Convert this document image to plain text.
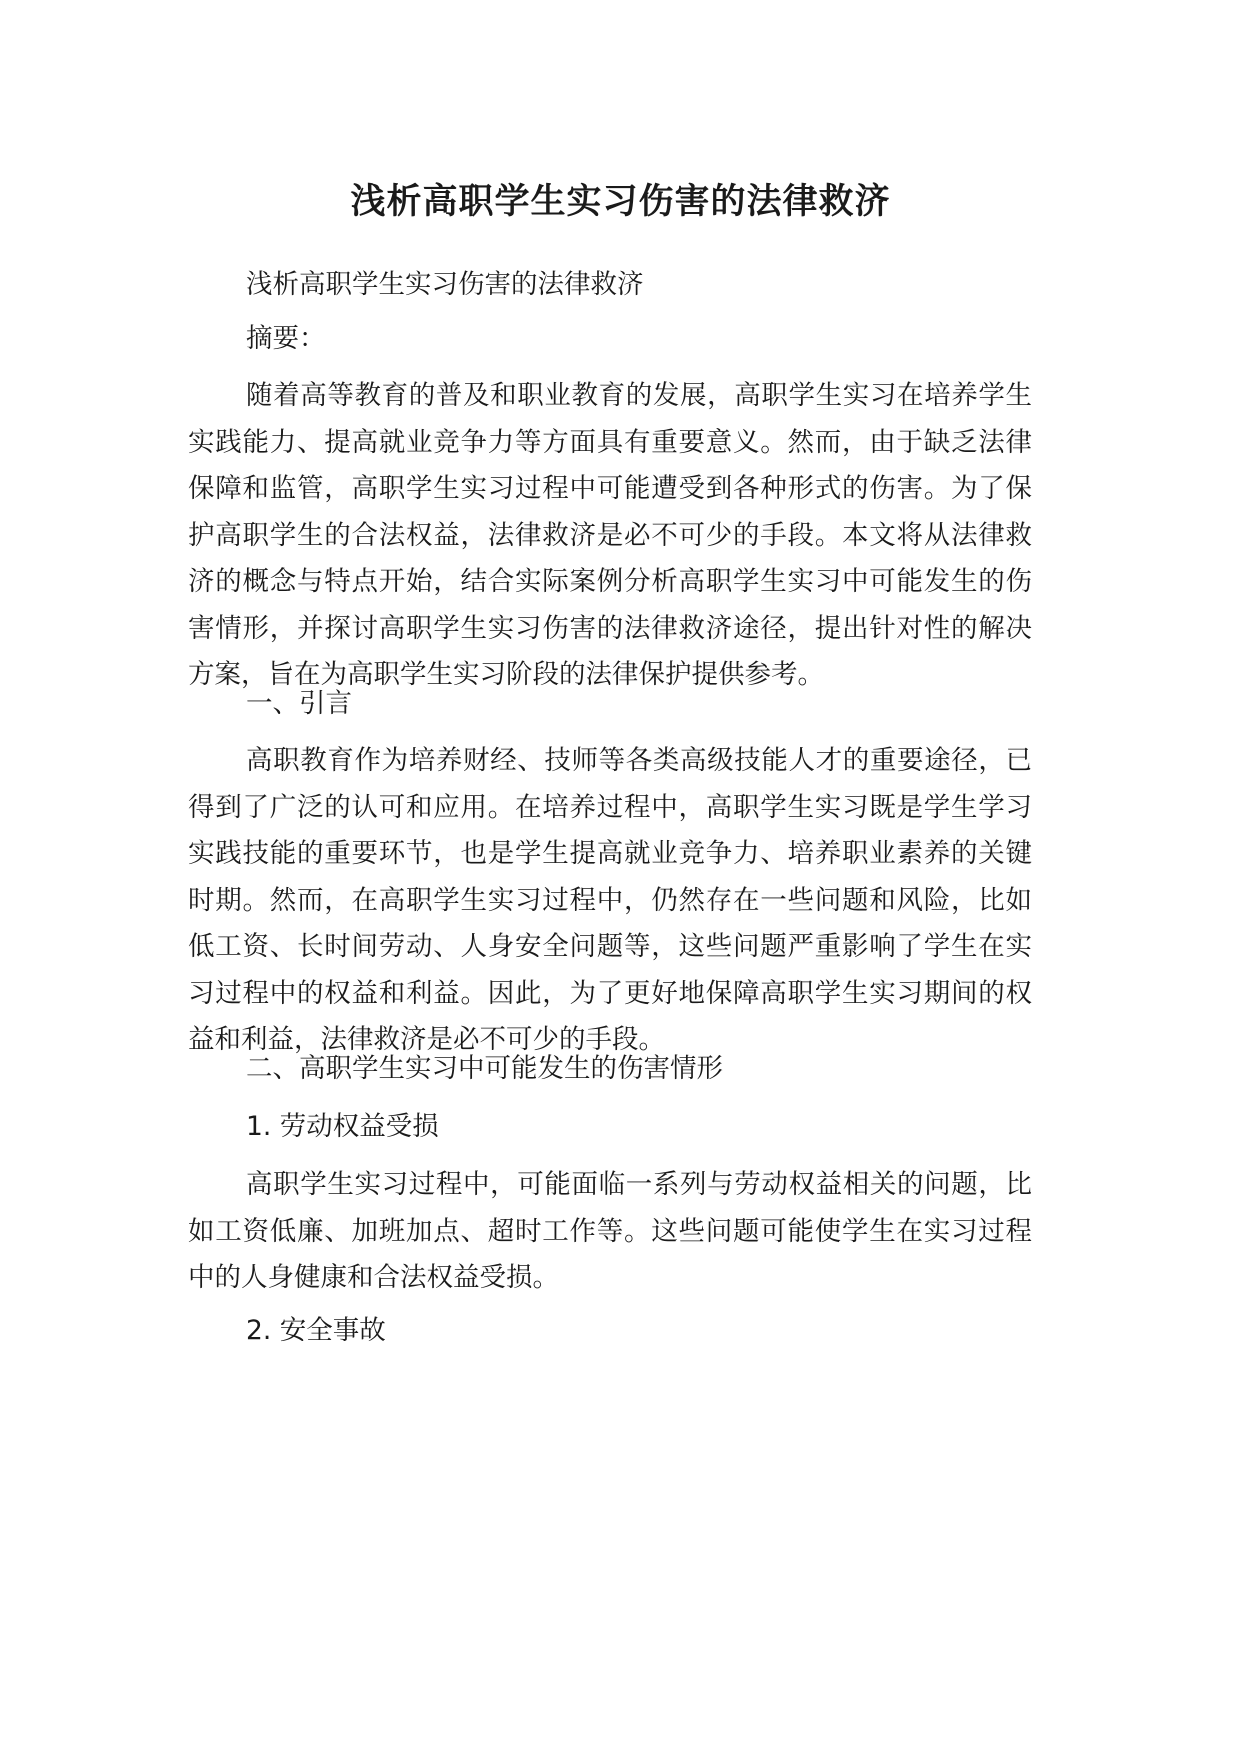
浅析高职学生实习伤害的法律救济

浅析高职学生实习伤害的法律救济

摘要：

随着高等教育的普及和职业教育的发展，高职学生实习在培养学生实践能力、提高就业竞争力等方面具有重要意义。然而，由于缺乏法律保障和监管，高职学生实习过程中可能遭受到各种形式的伤害。为了保护高职学生的合法权益，法律救济是必不可少的手段。本文将从法律救济的概念与特点开始，结合实际案例分析高职学生实习中可能发生的伤害情形，并探讨高职学生实习伤害的法律救济途径，提出针对性的解决方案，旨在为高职学生实习阶段的法律保护提供参考。

一、引言

高职教育作为培养财经、技师等各类高级技能人才的重要途径，已得到了广泛的认可和应用。在培养过程中，高职学生实习既是学生学习实践技能的重要环节，也是学生提高就业竞争力、培养职业素养的关键时期。然而，在高职学生实习过程中，仍然存在一些问题和风险，比如低工资、长时间劳动、人身安全问题等，这些问题严重影响了学生在实习过程中的权益和利益。因此，为了更好地保障高职学生实习期间的权益和利益，法律救济是必不可少的手段。

二、高职学生实习中可能发生的伤害情形

1. 劳动权益受损

高职学生实习过程中，可能面临一系列与劳动权益相关的问题，比如工资低廉、加班加点、超时工作等。这些问题可能使学生在实习过程中的人身健康和合法权益受损。

2. 安全事故
